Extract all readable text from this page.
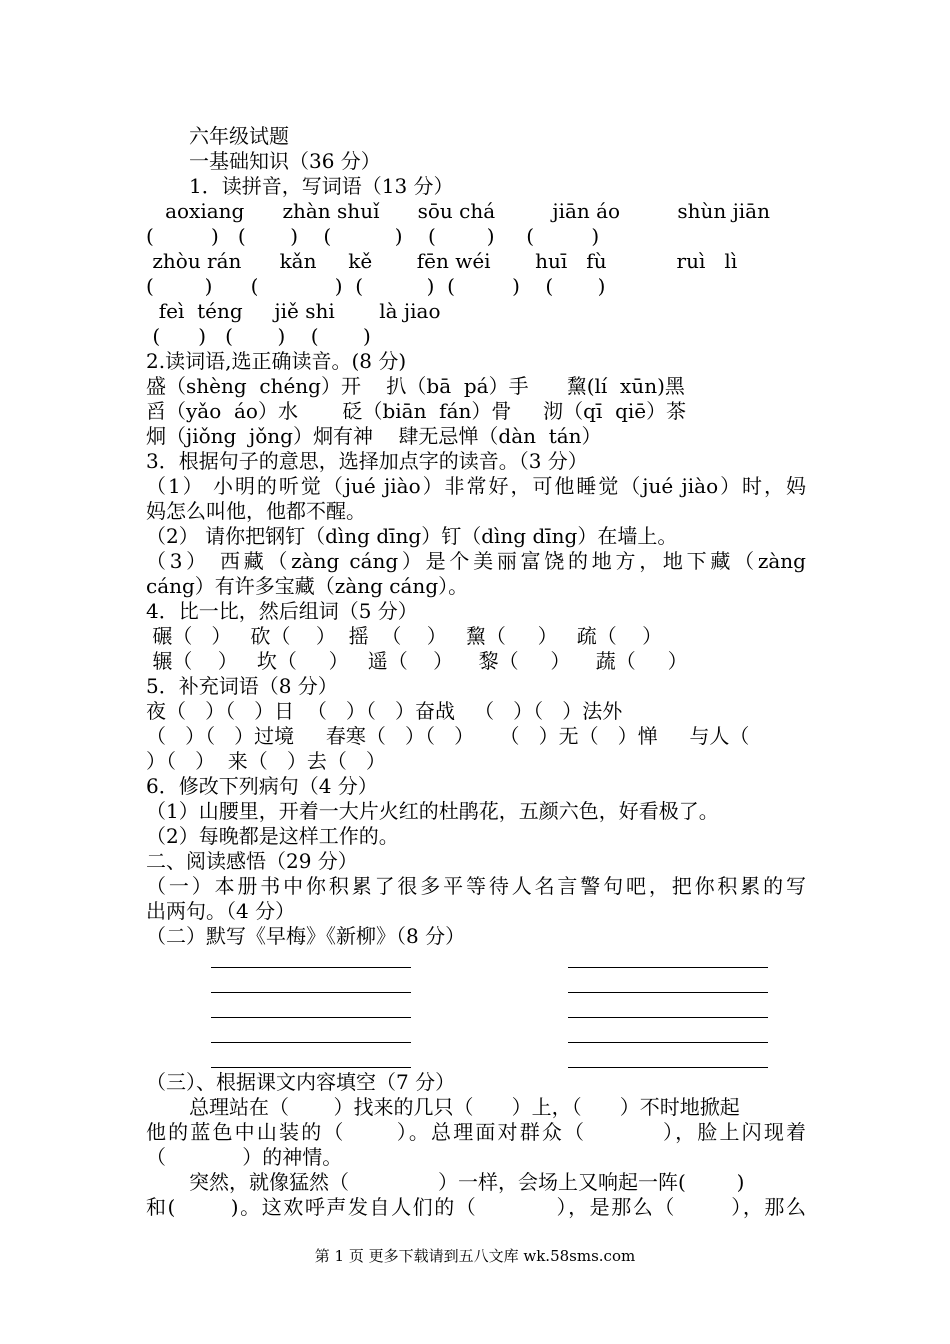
六年级试题
一基础知识（36 分）
1．读拼音，写词语（13 分）
aoxiang      zhàn shuǐ      sōu chá         jiān áo         shùn jiān
(         )   (       )    (          )    (        )     (         )
zhòu rán      kǎn     kě       fēn wéi       huī   fù           ruì   lì
(        )      (            )  (          )  (         )    (       )
feì  téng     jiě shi       là jiao
(      )   (       )    (       )
2.读词语,选正确读音。(8 分)
盛（shèng  chéng）开    扒（bā  pá）手      黧(lí  xūn)黑
舀（yǎo  áo）水       砭（biān  fán）骨     沏（qī  qiē）茶
炯（jiǒng  jǒng）炯有神    肆无忌惮（dàn  tán）
3．根据句子的意思，选择加点字的读音。（3 分）
（1） 小明的听觉（jué jiào）非常好，可他睡觉（jué jiào）时，妈
妈怎么叫他，他都不醒。
（2） 请你把钢钉（dìng dīng）钉（dìng dīng）在墙上。
（3） 西藏（zàng cáng）是个美丽富饶的地方，地下藏（zàng
cáng）有许多宝藏（zàng cáng）。
4．比一比，然后组词（5 分）
碾（   ）   砍（    ）  摇  （    ）   黧（     ）   疏（    ）
辗（    ）   坎（     ）   遥（    ）    黎（     ）    蔬（     ）
5．补充词语（8 分）
夜（   ）（   ）日  （   ）（   ）奋战   （   ）（   ）法外
（   ）（   ）过境     春寒（   ）（   ）    （   ）无（   ）惮     与人（
）（   ）  来（   ）去（   ）
6．修改下列病句（4 分）
（1）山腰里，开着一大片火红的杜鹃花，五颜六色，好看极了。
（2）每晚都是这样工作的。
二、阅读感悟（29 分）
（一）本册书中你积累了很多平等待人名言警句吧，把你积累的写
出两句。（4 分）
（二）默写《早梅》《新柳》（8 分）
（三）、根据课文内容填空（7 分）
总理站在（       ）找来的几只（      ）上，（      ）不时地掀起
他的蓝色中山装的（      ）。总理面对群众（         ），脸上闪现着
（            ）的神情。
突然，就像猛然（              ）一样，会场上又响起一阵(        )
和(       )。这欢呼声发自人们的（          ），是那么（       ），那么
第 1 页 更多下载请到五八文库 wk.58sms.com
